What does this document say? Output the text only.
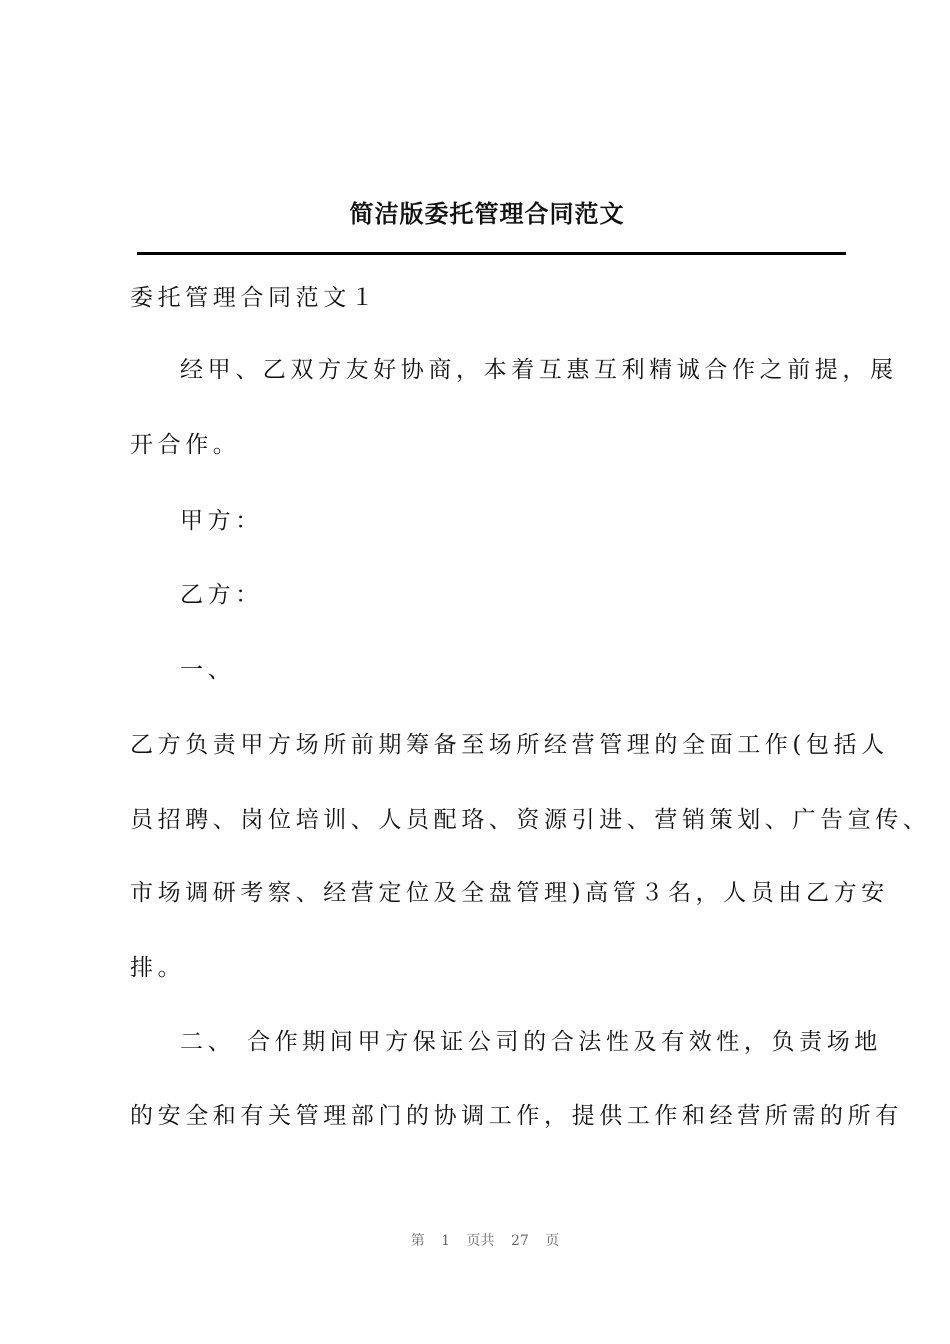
简洁版委托管理合同范文
委托管理合同范文１
经甲、乙双方友好协商，本着互惠互利精诚合作之前提，展
开合作。
甲方：
乙方：
一、
乙方负责甲方场所前期筹备至场所经营管理的全面工作(包括人
员招聘、岗位培训、人员配珞、资源引进、营销策划、广告宣传、
市场调研考察、经营定位及全盘管理)高管３名，人员由乙方安
排。
二、 合作期间甲方保证公司的合法性及有效性，负责场地
的安全和有关管理部门的协调工作，提供工作和经营所需的所有
第 1 页共 27 页
